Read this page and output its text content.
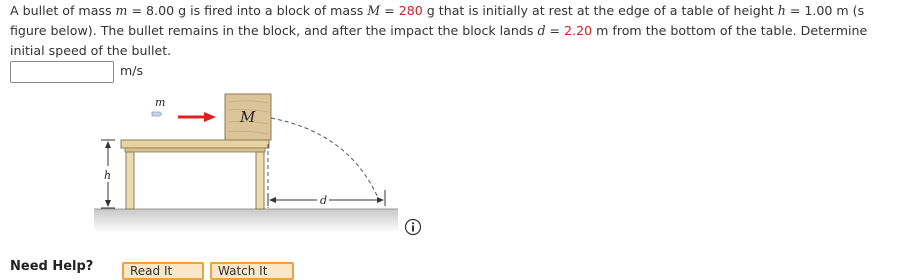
A bullet of mass m = 8.00 g is fired into a block of mass M = 280 g that is initially at rest at the edge of a table of height h = 1.00 m (s
figure below). The bullet remains in the block, and after the impact the block lands d = 2.20 m from the bottom of the table. Determine
initial speed of the bullet.
m/s
M
m
h
d
Need Help?	Read It	Watch It
